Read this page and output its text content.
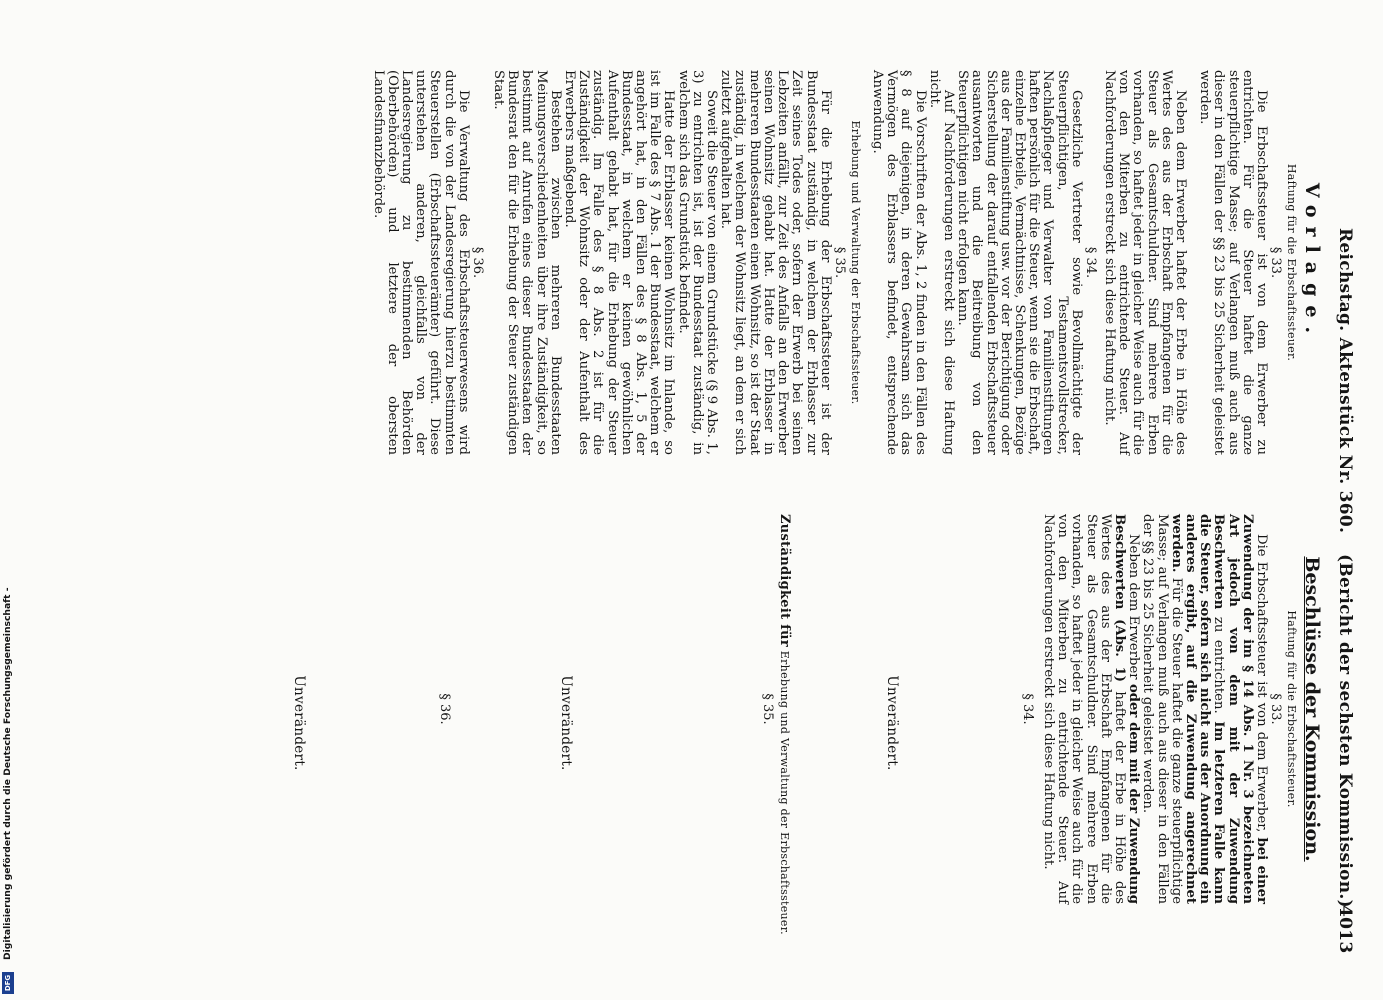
Reichstag. Aktenstück Nr. 360.
(Bericht der sechsten Kommission.)
4013
Vorlage.
Haftung für die Erbschaftssteuer.
§ 33.

Die Erbschaftssteuer ist von dem Erwerber zu entrichten. Für die Steuer haftet die ganze steuerpflichtige Masse; auf Verlangen muß auch aus dieser in den Fällen der §§ 23 bis 25 Sicherheit geleistet werden.

Neben dem Erwerber haftet der Erbe in Höhe des Wertes des aus der Erbschaft Empfangenen für die Steuer als Gesamtschuldner. Sind mehrere Erben vorhanden, so haftet jeder in gleicher Weise auch für die von den Miterben zu entrichtende Steuer. Auf Nachforderungen erstreckt sich diese Haftung nicht.

§ 34.

Gesetzliche Vertreter sowie Bevollmächtigte der Steuerpflichtigen, Testamentsvollstrecker, Nachlaßpfleger und Verwalter von Familienstiftungen haften persönlich für die Steuer, wenn sie die Erbschaft, einzelne Erbteile, Vermächtnisse, Schenkungen, Bezüge aus der Familienstiftung usw. vor der Berichtigung oder Sicherstellung der darauf entfallenden Erbschaftssteuer ausantworten und die Beitreibung von den Steuerpflichtigen nicht erfolgen kann.

Auf Nachforderungen erstreckt sich diese Haftung nicht.

Die Vorschriften der Abs. 1, 2 finden in den Fällen des § 8 auf diejenigen, in deren Gewahrsam sich das Vermögen des Erblassers befindet, entsprechende Anwendung.

Erhebung und Verwaltung der Erbschaftssteuer.
§ 35.

Für die Erhebung der Erbschaftssteuer ist der Bundesstaat zuständig, in welchem der Erblasser zur Zeit seines Todes oder, sofern der Erwerb bei seinen Lebzeiten anfällt, zur Zeit des Anfalls an den Erwerber seinen Wohnsitz gehabt hat. Hatte der Erblasser in mehreren Bundesstaaten einen Wohnsitz, so ist der Staat zuständig, in welchem der Wohnsitz liegt, an dem er sich zuletzt aufgehalten hat.

Soweit die Steuer von einem Grundstücke (§ 9 Abs. 1, 3) zu entrichten ist, ist der Bundesstaat zuständig, in welchem sich das Grundstück befindet.

Hatte der Erblasser keinen Wohnsitz im Inlande, so ist im Falle des § 7 Abs. 1 der Bundesstaat, welchem er angehört hat, in den Fällen des § 8 Abs. 1, 5 der Bundesstaat, in welchem er keinen gewöhnlichen Aufenthalt gehabt hat, für die Erhebung der Steuer zuständig. Im Falle des § 8 Abs. 2 ist für die Zuständigkeit der Wohnsitz oder der Aufenthalt des Erwerbers maßgebend.

Bestehen zwischen mehreren Bundesstaaten Meinungsverschiedenheiten über ihre Zuständigkeit, so bestimmt auf Anrufen eines dieser Bundesstaaten der Bundesrat den für die Erhebung der Steuer zuständigen Staat.

§ 36.

Die Verwaltung des Erbschaftssteuerwesens wird durch die von der Landesregierung hierzu bestimmten Steuerstellen (Erbschaftssteuerämter) geführt. Diese unterstehen anderen, gleichfalls von der Landesregierung zu bestimmenden Behörden (Oberbehörden) und letztere der obersten Landesfinanzbehörde.

Beschlüsse der Kommission.
Haftung für die Erbschaftssteuer.
§ 33.

Die Erbschaftssteuer ist von dem Erwerber, bei einer Zuwendung der im § 14 Abs. 1 Nr. 3 bezeichneten Art jedoch von dem mit der Zuwendung Beschwerten zu entrichten. Im letzteren Falle kann die Steuer, sofern sich nicht aus der Anordnung ein anderes ergibt, auf die Zuwendung angerechnet werden. Für die Steuer haftet die ganze steuerpflichtige Masse; auf Verlangen muß auch aus dieser in den Fällen der §§ 23 bis 25 Sicherheit geleistet werden.

Neben dem Erwerber oder dem mit der Zuwendung Beschwerten (Abs. 1) haftet der Erbe in Höhe des Wertes des aus der Erbschaft Empfangenen für die Steuer als Gesamtschuldner. Sind mehrere Erben vorhanden, so haftet jeder in gleicher Weise auch für die von den Miterben zu entrichtende Steuer. Auf Nachforderungen erstreckt sich diese Haftung nicht.

§ 34.
Unverändert.
Zuständigkeit für Erhebung und Verwaltung der Erbschaftssteuer.
§ 35.
Unverändert.
§ 36.
Unverändert.
Digitalisierung gefördert durch die Deutsche Forschungsgemeinschaft -
DFG
